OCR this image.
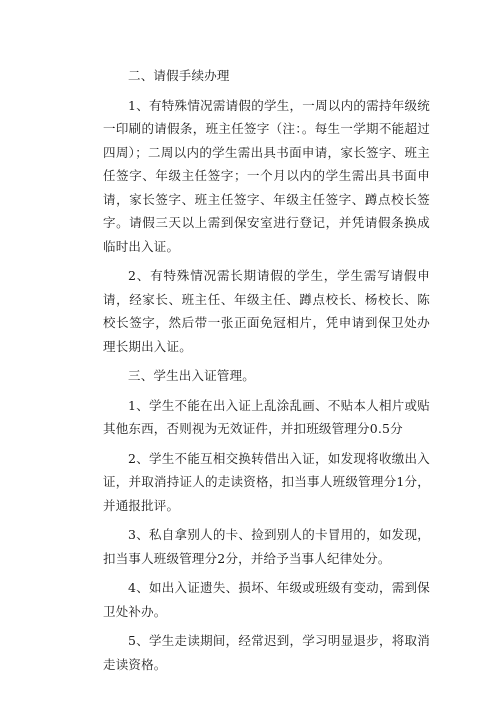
二、请假手续办理

1、有特殊情况需请假的学生，一周以内的需持年级统一印刷的请假条，班主任签字（注：。每生一学期不能超过四周）；二周以内的学生需出具书面申请，家长签字、班主任签字、年级主任签字；一个月以内的学生需出具书面申请，家长签字、班主任签字、年级主任签字、蹲点校长签字。请假三天以上需到保安室进行登记，并凭请假条换成临时出入证。

2、有特殊情况需长期请假的学生，学生需写请假申请，经家长、班主任、年级主任、蹲点校长、杨校长、陈校长签字，然后带一张正面免冠相片，凭申请到保卫处办理长期出入证。

三、学生出入证管理。

1、学生不能在出入证上乱涂乱画、不贴本人相片或贴其他东西，否则视为无效证件，并扣班级管理分0.5分

2、学生不能互相交换转借出入证，如发现将收缴出入证，并取消持证人的走读资格，扣当事人班级管理分1分，并通报批评。

3、私自拿别人的卡、捡到别人的卡冒用的，如发现，扣当事人班级管理分2分，并给予当事人纪律处分。

4、如出入证遗失、损坏、年级或班级有变动，需到保卫处补办。

5、学生走读期间，经常迟到，学习明显退步，将取消走读资格。
